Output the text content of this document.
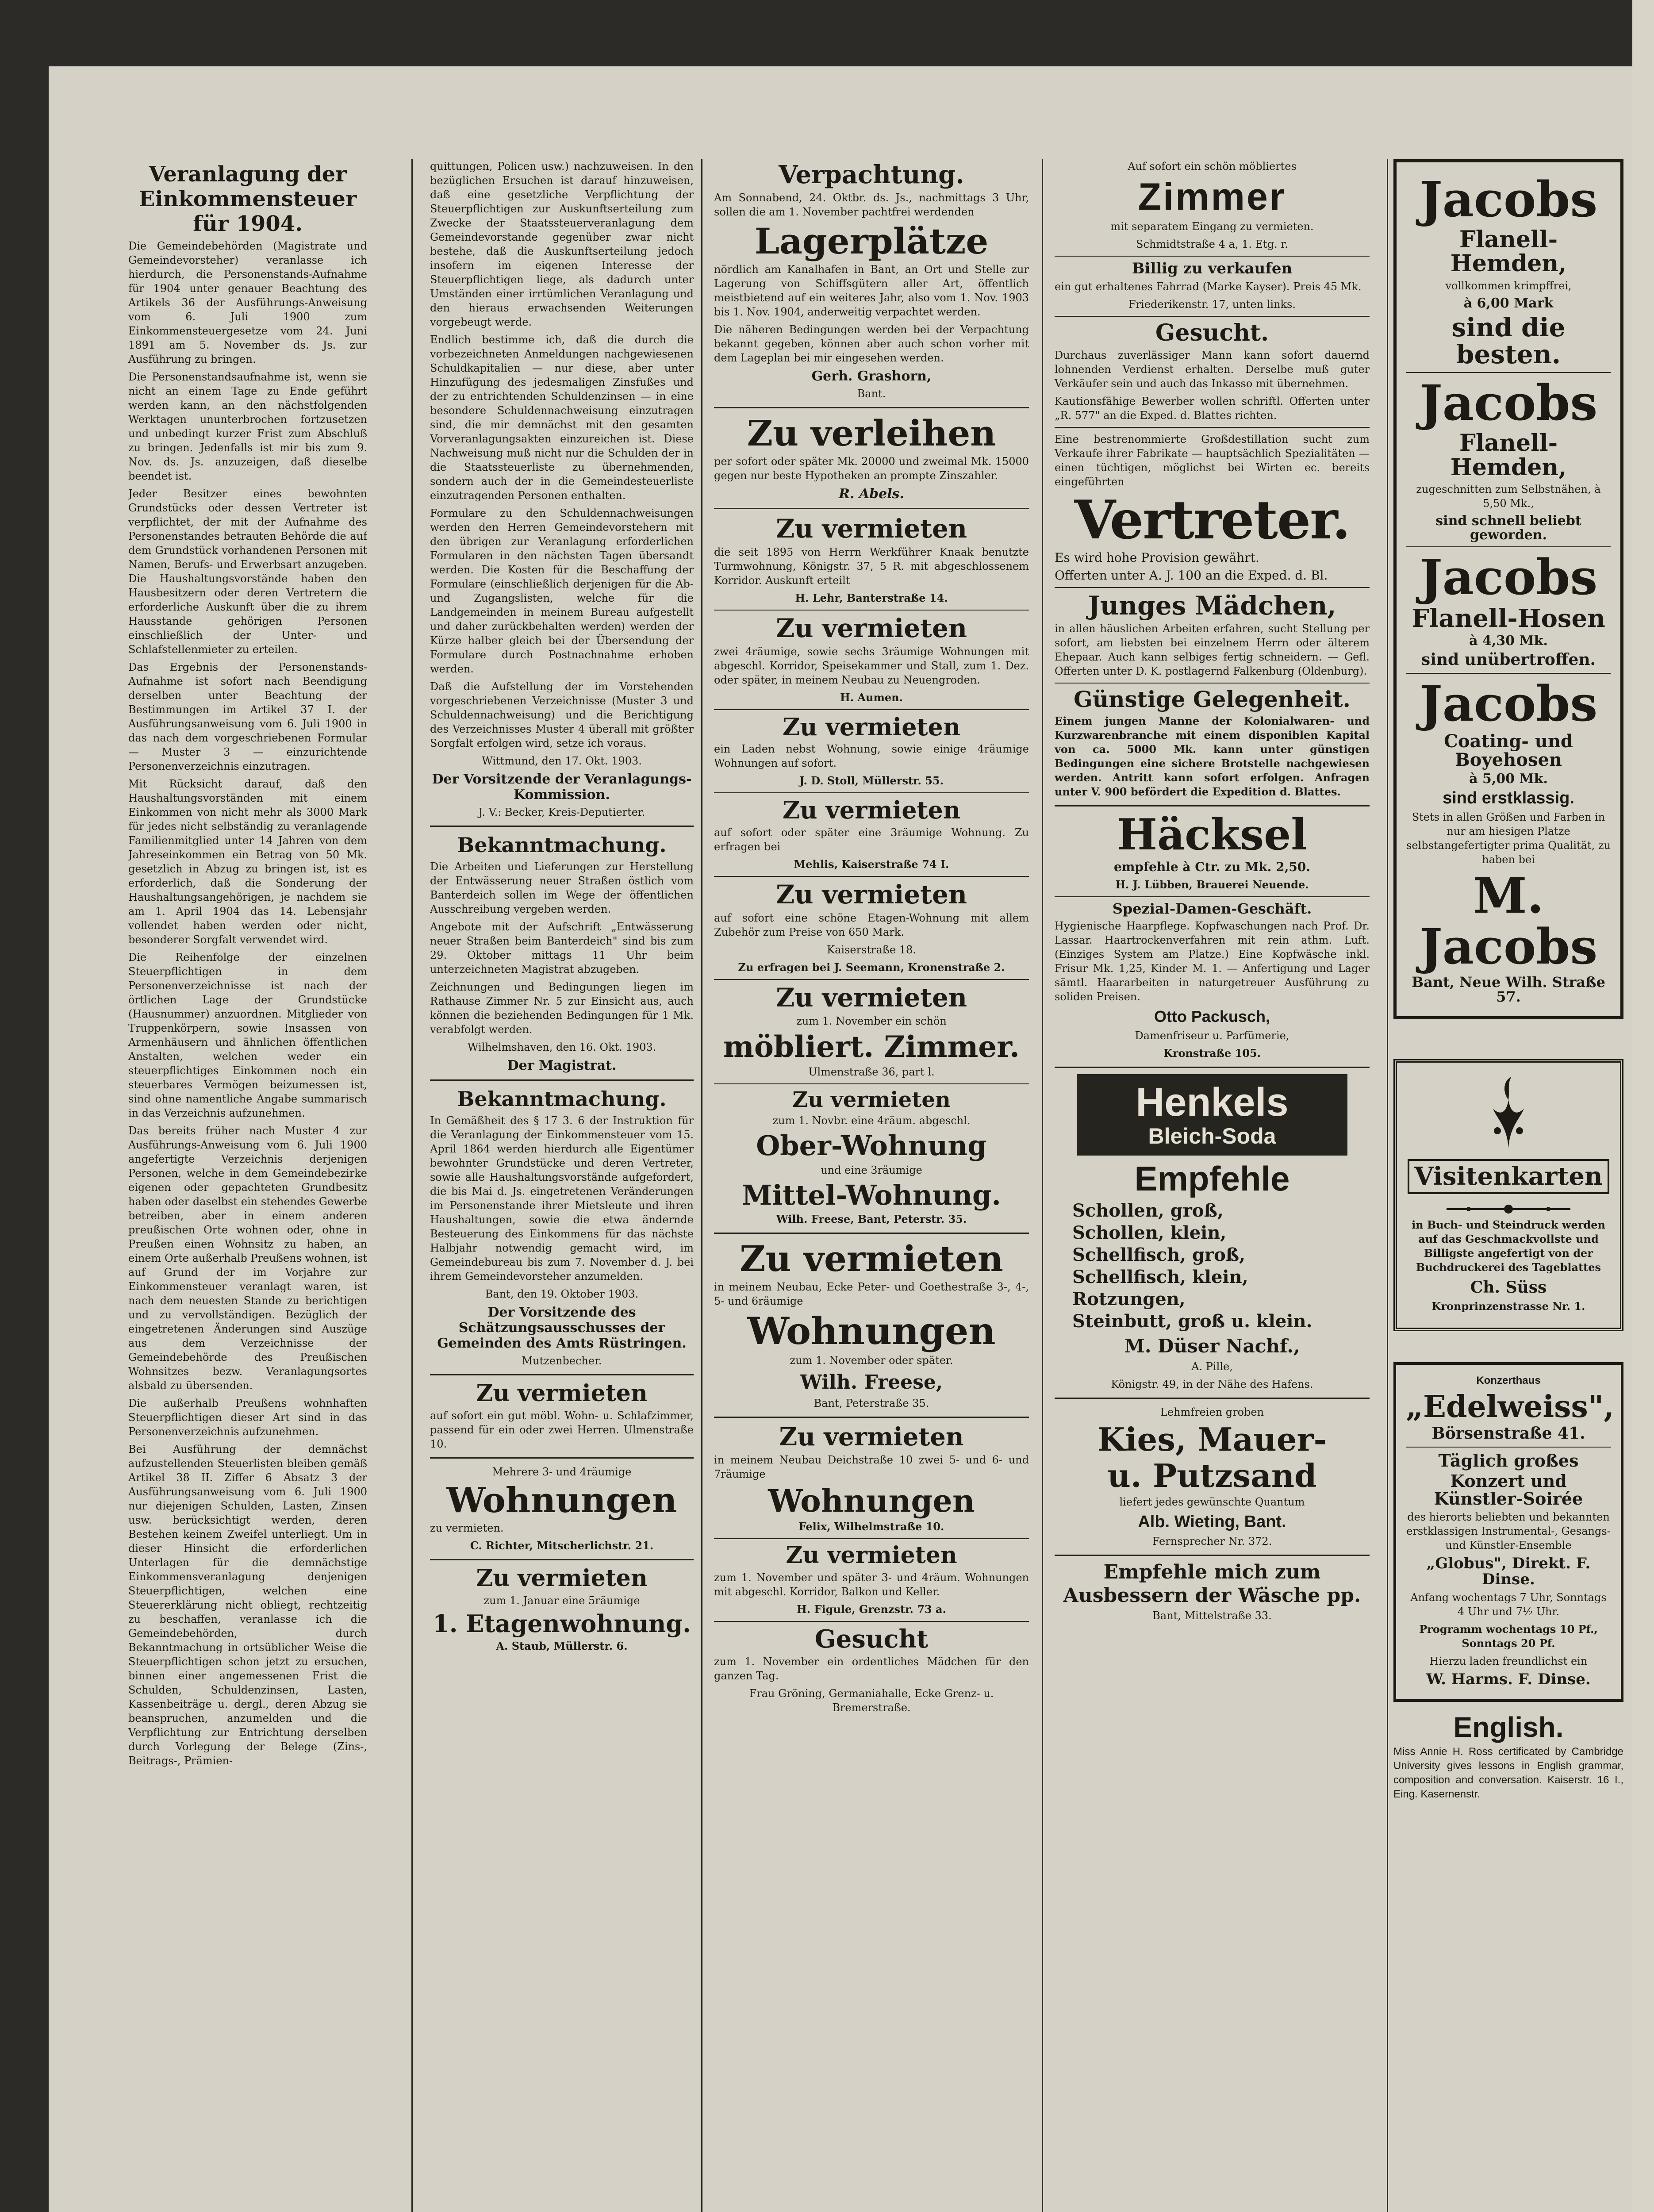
Veranlagung der Einkommensteuer für 1904.

Die Gemeindebehörden (Magistrate und Gemeindevorsteher) veranlasse ich hierdurch, die Personenstands-Aufnahme für 1904 unter genauer Beachtung des Artikels 36 der Ausführungs-Anweisung vom 6. Juli 1900 zum Einkommensteuergesetze vom 24. Juni 1891 am 5. November ds. Js. zur Ausführung zu bringen.

Die Personenstandsaufnahme ist, wenn sie nicht an einem Tage zu Ende geführt werden kann, an den nächstfolgenden Werktagen ununterbrochen fortzusetzen und unbedingt kurzer Frist zum Abschluß zu bringen. Jedenfalls ist mir bis zum 9. Nov. ds. Js. anzuzeigen, daß dieselbe beendet ist.

Jeder Besitzer eines bewohnten Grundstücks oder dessen Vertreter ist verpflichtet, der mit der Aufnahme des Personenstandes betrauten Behörde die auf dem Grundstück vorhandenen Personen mit Namen, Berufs- und Erwerbsart anzugeben. Die Haushaltungsvorstände haben den Hausbesitzern oder deren Vertretern die erforderliche Auskunft über die zu ihrem Hausstande gehörigen Personen einschließlich der Unter- und Schlafstellenmieter zu erteilen.

Das Ergebnis der Personenstands-Aufnahme ist sofort nach Beendigung derselben unter Beachtung der Bestimmungen im Artikel 37 I. der Ausführungsanweisung vom 6. Juli 1900 in das nach dem vorgeschriebenen Formular — Muster 3 — einzurichtende Personenverzeichnis einzutragen.

Mit Rücksicht darauf, daß den Haushaltungsvorständen mit einem Einkommen von nicht mehr als 3000 Mark für jedes nicht selbständig zu veranlagende Familienmitglied unter 14 Jahren von dem Jahreseinkommen ein Betrag von 50 Mk. gesetzlich in Abzug zu bringen ist, ist es erforderlich, daß die Sonderung der Haushaltungsangehörigen, je nachdem sie am 1. April 1904 das 14. Lebensjahr vollendet haben werden oder nicht, besonderer Sorgfalt verwendet wird.

Die Reihenfolge der einzelnen Steuerpflichtigen in dem Personenverzeichnisse ist nach der örtlichen Lage der Grundstücke (Hausnummer) anzuordnen. Mitglieder von Truppenkörpern, sowie Insassen von Armenhäusern und ähnlichen öffentlichen Anstalten, welchen weder ein steuerpflichtiges Einkommen noch ein steuerbares Vermögen beizumessen ist, sind ohne namentliche Angabe summarisch in das Verzeichnis aufzunehmen.

Das bereits früher nach Muster 4 zur Ausführungs-Anweisung vom 6. Juli 1900 angefertigte Verzeichnis derjenigen Personen, welche in dem Gemeindebezirke eigenen oder gepachteten Grundbesitz haben oder daselbst ein stehendes Gewerbe betreiben, aber in einem anderen preußischen Orte wohnen oder, ohne in Preußen einen Wohnsitz zu haben, an einem Orte außerhalb Preußens wohnen, ist auf Grund der im Vorjahre zur Einkommensteuer veranlagt waren, ist nach dem neuesten Stande zu berichtigen und zu vervollständigen. Bezüglich der eingetretenen Änderungen sind Auszüge aus dem Verzeichnisse der Gemeindebehörde des Preußischen Wohnsitzes bezw. Veranlagungsortes alsbald zu übersenden.

Die außerhalb Preußens wohnhaften Steuerpflichtigen dieser Art sind in das Personenverzeichnis aufzunehmen.

Bei Ausführung der demnächst aufzustellenden Steuerlisten bleiben gemäß Artikel 38 II. Ziffer 6 Absatz 3 der Ausführungsanweisung vom 6. Juli 1900 nur diejenigen Schulden, Lasten, Zinsen usw. berücksichtigt werden, deren Bestehen keinem Zweifel unterliegt. Um in dieser Hinsicht die erforderlichen Unterlagen für die demnächstige Einkommensveranlagung denjenigen Steuerpflichtigen, welchen eine Steuererklärung nicht obliegt, rechtzeitig zu beschaffen, veranlasse ich die Gemeindebehörden, durch Bekanntmachung in ortsüblicher Weise die Steuerpflichtigen schon jetzt zu ersuchen, binnen einer angemessenen Frist die Schulden, Schuldenzinsen, Lasten, Kassenbeiträge u. dergl., deren Abzug sie beanspruchen, anzumelden und die Verpflichtung zur Entrichtung derselben durch Vorlegung der Belege (Zins-, Beitrags-, Prämien-

quittungen, Policen usw.) nachzuweisen. In den bezüglichen Ersuchen ist darauf hinzuweisen, daß eine gesetzliche Verpflichtung der Steuerpflichtigen zur Auskunftserteilung zum Zwecke der Staatssteuerveranlagung dem Gemeindevorstande gegenüber zwar nicht bestehe, daß die Auskunftserteilung jedoch insofern im eigenen Interesse der Steuerpflichtigen liege, als dadurch unter Umständen einer irrtümlichen Veranlagung und den hieraus erwachsenden Weiterungen vorgebeugt werde.

Endlich bestimme ich, daß die durch die vorbezeichneten Anmeldungen nachgewiesenen Schuldkapitalien — nur diese, aber unter Hinzufügung des jedesmaligen Zinsfußes und der zu entrichtenden Schuldenzinsen — in eine besondere Schuldennachweisung einzutragen sind, die mir demnächst mit den gesamten Vorveranlagungsakten einzureichen ist. Diese Nachweisung muß nicht nur die Schulden der in die Staatssteuerliste zu übernehmenden, sondern auch der in die Gemeindesteuerliste einzutragenden Personen enthalten.

Formulare zu den Schuldennachweisungen werden den Herren Gemeindevorstehern mit den übrigen zur Veranlagung erforderlichen Formularen in den nächsten Tagen übersandt werden. Die Kosten für die Beschaffung der Formulare (einschließlich derjenigen für die Ab- und Zugangslisten, welche für die Landgemeinden in meinem Bureau aufgestellt und daher zurückbehalten werden) werden der Kürze halber gleich bei der Übersendung der Formulare durch Postnachnahme erhoben werden.

Daß die Aufstellung der im Vorstehenden vorgeschriebenen Verzeichnisse (Muster 3 und Schuldennachweisung) und die Berichtigung des Verzeichnisses Muster 4 überall mit größter Sorgfalt erfolgen wird, setze ich voraus.

Wittmund, den 17. Okt. 1903.

Der Vorsitzende der Veranlagungs-Kommission.

J. V.: Becker, Kreis-Deputierter.

Bekanntmachung.

Die Arbeiten und Lieferungen zur Herstellung der Entwässerung neuer Straßen östlich vom Banterdeich sollen im Wege der öffentlichen Ausschreibung vergeben werden.

Angebote mit der Aufschrift „Entwässerung neuer Straßen beim Banterdeich" sind bis zum 29. Oktober mittags 11 Uhr beim unterzeichneten Magistrat abzugeben.

Zeichnungen und Bedingungen liegen im Rathause Zimmer Nr. 5 zur Einsicht aus, auch können die beziehenden Bedingungen für 1 Mk. verabfolgt werden.

Wilhelmshaven, den 16. Okt. 1903.

Der Magistrat.
Bekanntmachung.

In Gemäßheit des § 17 3. 6 der Instruktion für die Veranlagung der Einkommensteuer vom 15. April 1864 werden hierdurch alle Eigentümer bewohnter Grundstücke und deren Vertreter, sowie alle Haushaltungsvorstände aufgefordert, die bis Mai d. Js. eingetretenen Veränderungen im Personenstande ihrer Mietsleute und ihren Haushaltungen, sowie die etwa ändernde Besteuerung des Einkommens für das nächste Halbjahr notwendig gemacht wird, im Gemeindebureau bis zum 7. November d. J. bei ihrem Gemeindevorsteher anzumelden.

Bant, den 19. Oktober 1903.

Der Vorsitzende des Schätzungsausschusses der Gemeinden des Amts Rüstringen.

Mutzenbecher.

Zu vermieten

auf sofort ein gut möbl. Wohn- u. Schlafzimmer, passend für ein oder zwei Herren. Ulmenstraße 10.

Mehrere 3- und 4räumige

Wohnungen

zu vermieten.

C. Richter, Mitscherlichstr. 21.

Zu vermieten

zum 1. Januar eine 5räumige

1. Etagenwohnung.

A. Staub, Müllerstr. 6.

Verpachtung.

Am Sonnabend, 24. Oktbr. ds. Js., nachmittags 3 Uhr, sollen die am 1. November pachtfrei werdenden

Lagerplätze

nördlich am Kanalhafen in Bant, an Ort und Stelle zur Lagerung von Schiffsgütern aller Art, öffentlich meistbietend auf ein weiteres Jahr, also vom 1. Nov. 1903 bis 1. Nov. 1904, anderweitig verpachtet werden.

Die näheren Bedingungen werden bei der Verpachtung bekannt gegeben, können aber auch schon vorher mit dem Lageplan bei mir eingesehen werden.

Gerh. Grashorn,

Bant.

Zu verleihen

per sofort oder später Mk. 20000 und zweimal Mk. 15000 gegen nur beste Hypotheken an prompte Zinszahler.

R. Abels.
Zu vermieten

die seit 1895 von Herrn Werkführer Knaak benutzte Turmwohnung, Königstr. 37, 5 R. mit abgeschlossenem Korridor. Auskunft erteilt

H. Lehr, Banterstraße 14.

Zu vermieten

zwei 4räumige, sowie sechs 3räumige Wohnungen mit abgeschl. Korridor, Speisekammer und Stall, zum 1. Dez. oder später, in meinem Neubau zu Neuengroden.

H. Aumen.

Zu vermieten

ein Laden nebst Wohnung, sowie einige 4räumige Wohnungen auf sofort.

J. D. Stoll, Müllerstr. 55.

Zu vermieten

auf sofort oder später eine 3räumige Wohnung. Zu erfragen bei

Mehlis, Kaiserstraße 74 I.

Zu vermieten

auf sofort eine schöne Etagen-Wohnung mit allem Zubehör zum Preise von 650 Mark.

Kaiserstraße 18.

Zu erfragen bei J. Seemann, Kronenstraße 2.

Zu vermieten

zum 1. November ein schön

möbliert. Zimmer.

Ulmenstraße 36, part l.

Zu vermieten

zum 1. Novbr. eine 4räum. abgeschl.

Ober-Wohnung

und eine 3räumige

Mittel-Wohnung.

Wilh. Freese, Bant, Peterstr. 35.

Zu vermieten

in meinem Neubau, Ecke Peter- und Goethestraße 3-, 4-, 5- und 6räumige

Wohnungen

zum 1. November oder später.

Wilh. Freese,

Bant, Peterstraße 35.

Zu vermieten

in meinem Neubau Deichstraße 10 zwei 5- und 6- und 7räumige

Wohnungen

Felix, Wilhelmstraße 10.

Zu vermieten

zum 1. November und später 3- und 4räum. Wohnungen mit abgeschl. Korridor, Balkon und Keller.

H. Figule, Grenzstr. 73 a.

Gesucht

zum 1. November ein ordentliches Mädchen für den ganzen Tag.

Frau Gröning, Germaniahalle, Ecke Grenz- u. Bremerstraße.

Auf sofort ein schön möbliertes

Zimmer

mit separatem Eingang zu vermieten.

Schmidtstraße 4 a, 1. Etg. r.

Billig zu verkaufen

ein gut erhaltenes Fahrrad (Marke Kayser). Preis 45 Mk.

Friederikenstr. 17, unten links.

Gesucht.

Durchaus zuverlässiger Mann kann sofort dauernd lohnenden Verdienst erhalten. Derselbe muß guter Verkäufer sein und auch das Inkasso mit übernehmen.

Kautionsfähige Bewerber wollen schriftl. Offerten unter „R. 577" an die Exped. d. Blattes richten.

Eine bestrenommierte Großdestillation sucht zum Verkaufe ihrer Fabrikate — hauptsächlich Spezialitäten — einen tüchtigen, möglichst bei Wirten ec. bereits eingeführten

Vertreter.

Es wird hohe Provision gewährt.

Offerten unter A. J. 100 an die Exped. d. Bl.

Junges Mädchen,

in allen häuslichen Arbeiten erfahren, sucht Stellung per sofort, am liebsten bei einzelnem Herrn oder älterem Ehepaar. Auch kann selbiges fertig schneidern. — Gefl. Offerten unter D. K. postlagernd Falkenburg (Oldenburg).

Günstige Gelegenheit.

Einem jungen Manne der Kolonialwaren- und Kurzwarenbranche mit einem disponiblen Kapital von ca. 5000 Mk. kann unter günstigen Bedingungen eine sichere Brotstelle nachgewiesen werden. Antritt kann sofort erfolgen. Anfragen unter V. 900 befördert die Expedition d. Blattes.

Häcksel

empfehle à Ctr. zu Mk. 2,50.

H. J. Lübben, Brauerei Neuende.

Spezial-Damen-Geschäft.

Hygienische Haarpflege. Kopfwaschungen nach Prof. Dr. Lassar. Haartrockenverfahren mit rein athm. Luft. (Einziges System am Platze.) Eine Kopfwäsche inkl. Frisur Mk. 1,25, Kinder M. 1. — Anfertigung und Lager sämtl. Haararbeiten in naturgetreuer Ausführung zu soliden Preisen.

Otto Packusch,

Damenfriseur u. Parfümerie,

Kronstraße 105.

Henkels
Bleich-Soda
Empfehle
Schollen, groß,
Schollen, klein,
Schellfisch, groß,
Schellfisch, klein,
Rotzungen,
Steinbutt, groß u. klein.
M. Düser Nachf.,

A. Pille,

Königstr. 49, in der Nähe des Hafens.

Lehmfreien groben

Kies, Mauer-
u. Putzsand

liefert jedes gewünschte Quantum

Alb. Wieting, Bant.

Fernsprecher Nr. 372.

Empfehle mich zum
Ausbessern der Wäsche pp.

Bant, Mittelstraße 33.

Jacobs
Flanell-Hemden,

vollkommen krimpffrei,

à 6,00 Mark

sind die besten.
Jacobs
Flanell-Hemden,

zugeschnitten zum Selbstnähen, à 5,50 Mk.,

sind schnell beliebt geworden.
Jacobs
Flanell-Hosen

à 4,30 Mk.

sind unübertroffen.
Jacobs
Coating- und Boyehosen

à 5,00 Mk.

sind erstklassig.

Stets in allen Größen und Farben in nur am hiesigen Platze selbstangefertigter prima Qualität, zu haben bei

M. Jacobs
Bant, Neue Wilh. Straße 57.
Visitenkarten

in Buch- und Steindruck werden auf das Geschmackvollste und Billigste angefertigt von der Buchdruckerei des Tageblattes

Ch. Süss

Kronprinzenstrasse Nr. 1.

Konzerthaus

„Edelweiss",
Börsenstraße 41.
Täglich großes
Konzert und Künstler-Soirée

des hierorts beliebten und bekannten erstklassigen Instrumental-, Gesangs- und Künstler-Ensemble

„Globus", Direkt. F. Dinse.

Anfang wochentags 7 Uhr, Sonntags 4 Uhr und 7½ Uhr.

Programm wochentags 10 Pf., Sonntags 20 Pf.

Hierzu laden freundlichst ein

W. Harms. F. Dinse.
English.

Miss Annie H. Ross certificated by Cambridge University gives lessons in English grammar, composition and conversation. Kaiserstr. 16 I., Eing. Kasernenstr.
